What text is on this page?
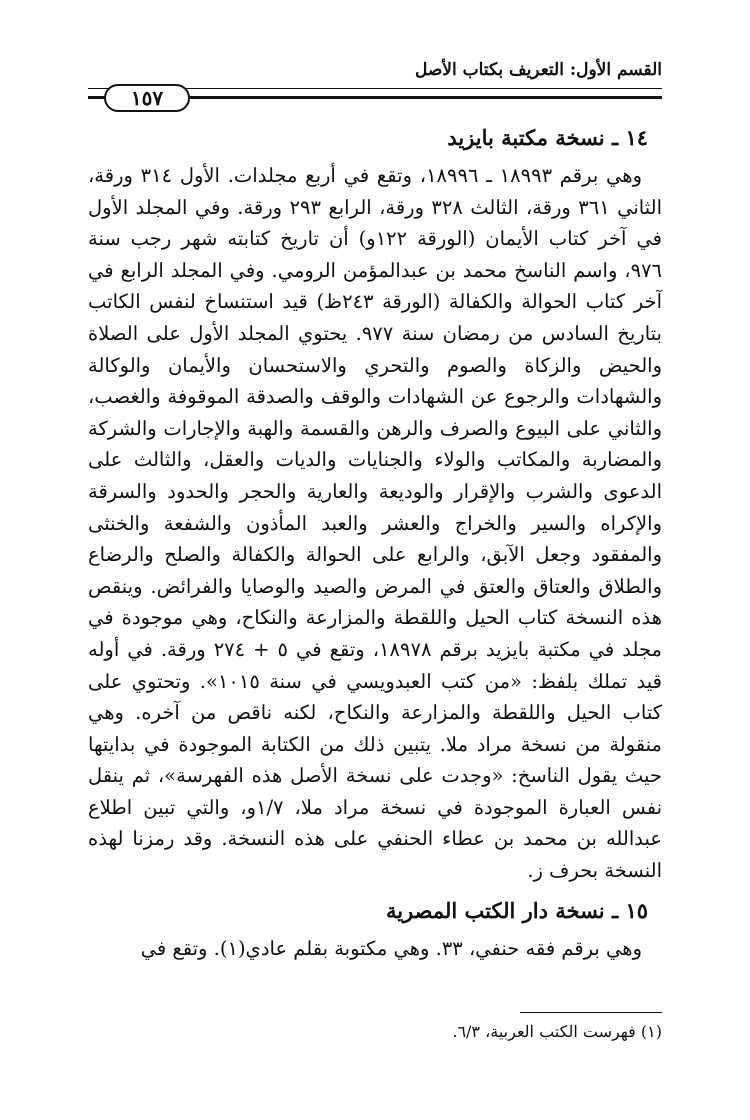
القسم الأول: التعريف بكتاب الأصل
١٥٧
١٤ ـ نسخة مكتبة بايزيد

وهي برقم ١٨٩٩٣ ـ ١٨٩٩٦، وتقع في أربع مجلدات. الأول ٣١٤ ورقة، الثاني ٣٦١ ورقة، الثالث ٣٢٨ ورقة، الرابع ٢٩٣ ورقة. وفي المجلد الأول في آخر كتاب الأيمان (الورقة ١٢٢و) أن تاريخ كتابته شهر رجب سنة ٩٧٦، واسم الناسخ محمد بن عبدالمؤمن الرومي. وفي المجلد الرابع في آخر كتاب الحوالة والكفالة (الورقة ٢٤٣ظ) قيد استنساخ لنفس الكاتب بتاريخ السادس من رمضان سنة ٩٧٧. يحتوي المجلد الأول على الصلاة والحيض والزكاة والصوم والتحري والاستحسان والأيمان والوكالة والشهادات والرجوع عن الشهادات والوقف والصدقة الموقوفة والغصب، والثاني على البيوع والصرف والرهن والقسمة والهبة والإجارات والشركة والمضاربة والمكاتب والولاء والجنايات والديات والعقل، والثالث على الدعوى والشرب والإقرار والوديعة والعارية والحجر والحدود والسرقة والإكراه والسير والخراج والعشر والعبد المأذون والشفعة والخنثى والمفقود وجعل الآبق، والرابع على الحوالة والكفالة والصلح والرضاع والطلاق والعتاق والعتق في المرض والصيد والوصايا والفرائض. وينقص هذه النسخة كتاب الحيل واللقطة والمزارعة والنكاح، وهي موجودة في مجلد في مكتبة بايزيد برقم ١٨٩٧٨، وتقع في ٥ + ٢٧٤ ورقة. في أوله قيد تملك بلفظ: «من كتب العبدويسي في سنة ١٠١٥». وتحتوي على كتاب الحيل واللقطة والمزارعة والنكاح، لكنه ناقص من آخره. وهي منقولة من نسخة مراد ملا. يتبين ذلك من الكتابة الموجودة في بدايتها حيث يقول الناسخ: «وجدت على نسخة الأصل هذه الفهرسة»، ثم ينقل نفس العبارة الموجودة في نسخة مراد ملا، ١/٧و، والتي تبين اطلاع عبدالله بن محمد بن عطاء الحنفي على هذه النسخة. وقد رمزنا لهذه النسخة بحرف ز.

١٥ ـ نسخة دار الكتب المصرية

وهي برقم فقه حنفي، ٣٣. وهي مكتوبة بقلم عادي(١). وتقع في

(١) فهرست الكتب العربية، ٦/٣.
